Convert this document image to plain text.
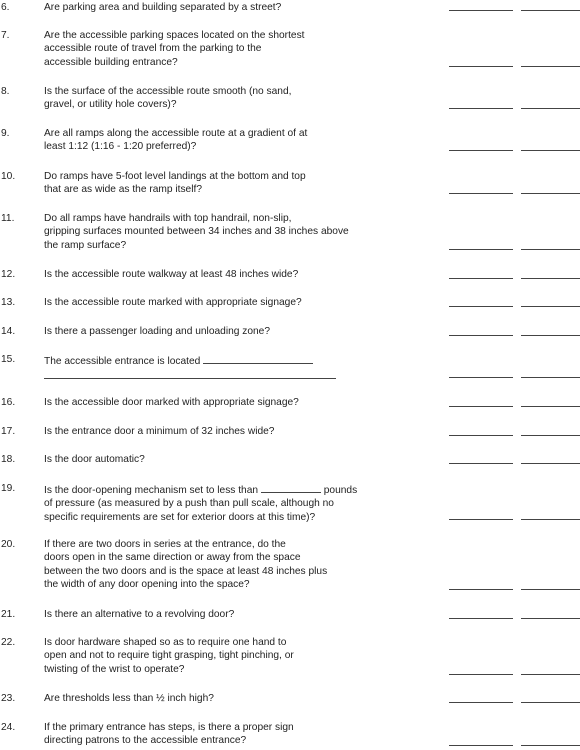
6.	Are parking area and building separated by a street?
7.	Are the accessible parking spaces located on the shortest
accessible route of travel from the parking to the
accessible building entrance?
8.	Is the surface of the accessible route smooth (no sand,
gravel, or utility hole covers)?
9.	Are all ramps along the accessible route at a gradient of at
least 1:12 (1:16 - 1:20 preferred)?
10.	Do ramps have 5-foot level landings at the bottom and top
that are as wide as the ramp itself?
11.	Do all ramps have handrails with top handrail, non-slip,
gripping surfaces mounted between 34 inches and 38 inches above
the ramp surface?
12.	Is the accessible route walkway at least 48 inches wide?
13.	Is the accessible route marked with appropriate signage?
14.	Is there a passenger loading and unloading zone?
15.	The accessible entrance is located
16.	Is the accessible door marked with appropriate signage?
17.	Is the entrance door a minimum of 32 inches wide?
18.	Is the door automatic?
19.	Is the door-opening mechanism set to less than	pounds
of pressure (as measured by a push than pull scale, although no
specific requirements are set for exterior doors at this time)?
20.	If there are two doors in series at the entrance, do the
doors open in the same direction or away from the space
between the two doors and is the space at least 48 inches plus
the width of any door opening into the space?
21.	Is there an alternative to a revolving door?
22.	Is door hardware shaped so as to require one hand to
open and not to require tight grasping, tight pinching, or
twisting of the wrist to operate?
23.	Are thresholds less than ½ inch high?
24.	If the primary entrance has steps, is there a proper sign
directing patrons to the accessible entrance?
